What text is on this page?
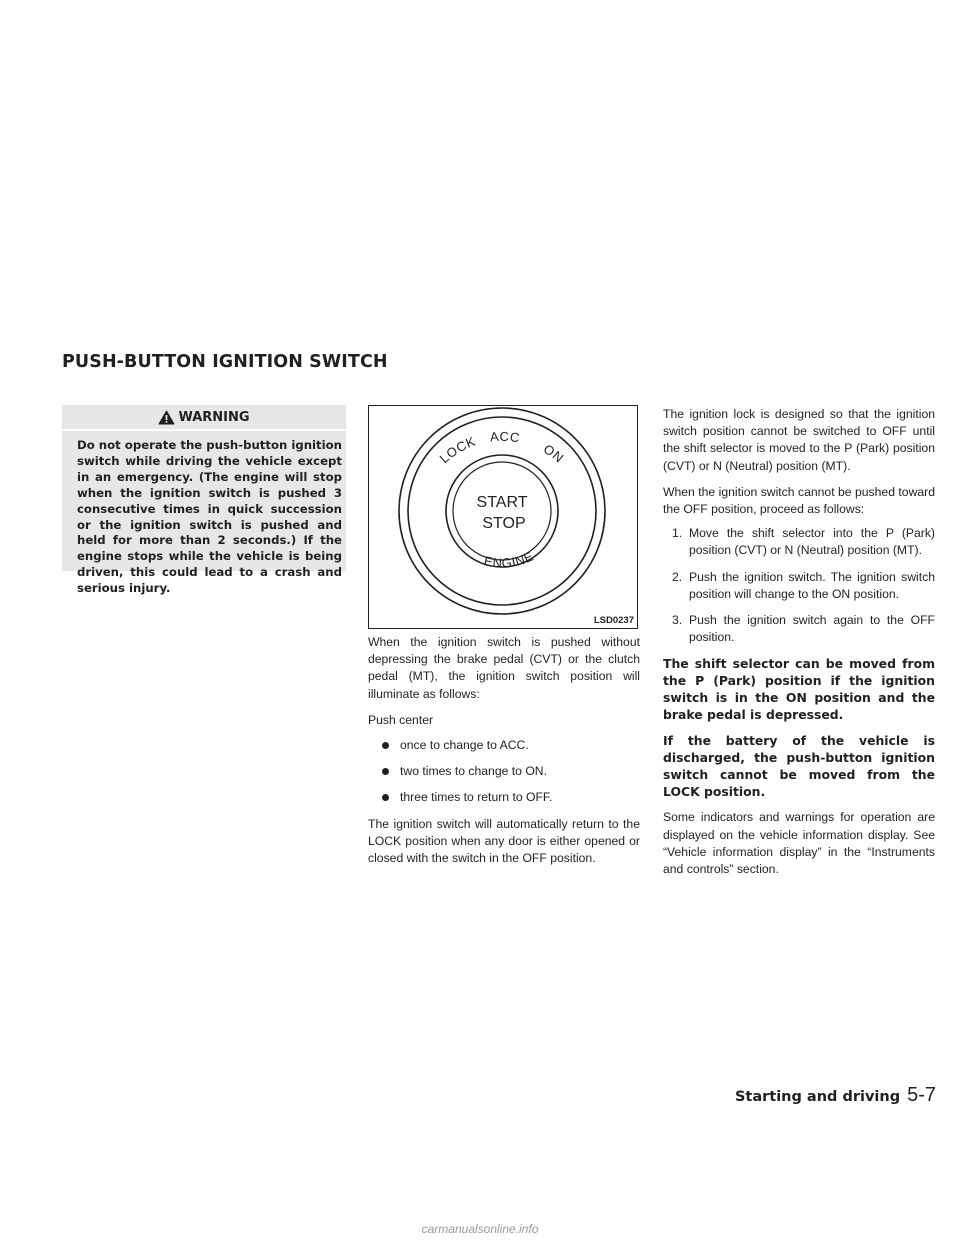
PUSH-BUTTON IGNITION SWITCH
WARNING
Do not operate the push-button ignition switch while driving the vehicle except in an emergency. (The engine will stop when the ignition switch is pushed 3 consecutive times in quick succession or the ignition switch is pushed and held for more than 2 seconds.) If the engine stops while the vehicle is being driven, this could lead to a crash and serious injury.
LOCK ACC
ON
ENGINE
START
STOP
LSD0237

When the ignition switch is pushed without depressing the brake pedal (CVT) or the clutch pedal (MT), the ignition switch position will illuminate as follows:

Push center

once to change to ACC.
two times to change to ON.
three times to return to OFF.

The ignition switch will automatically return to the LOCK position when any door is either opened or closed with the switch in the OFF position.

The ignition lock is designed so that the ignition switch position cannot be switched to OFF until the shift selector is moved to the P (Park) position (CVT) or N (Neutral) position (MT).

When the ignition switch cannot be pushed toward the OFF position, proceed as follows:

1. Move the shift selector into the P (Park) position (CVT) or N (Neutral) position (MT).
2. Push the ignition switch. The ignition switch position will change to the ON position.
3. Push the ignition switch again to the OFF position.

The shift selector can be moved from the P (Park) position if the ignition switch is in the ON position and the brake pedal is depressed.

If the battery of the vehicle is discharged, the push-button ignition switch cannot be moved from the LOCK position.

Some indicators and warnings for operation are displayed on the vehicle information display. See “Vehicle information display” in the “Instruments and controls” section.

Starting and driving 5-7
carmanualsonline.info
